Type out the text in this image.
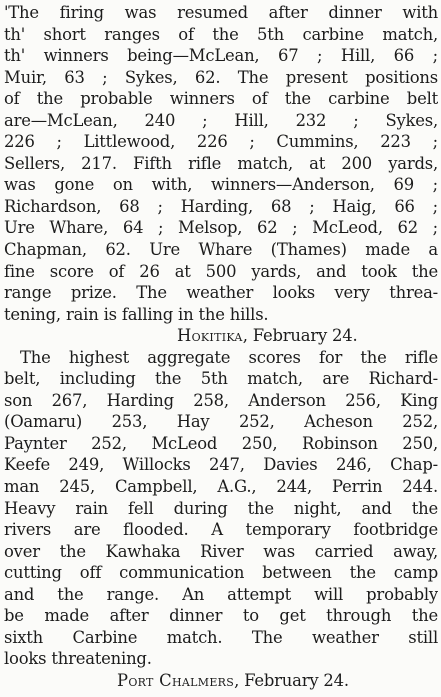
'The firing was resumed after dinner with
th' short ranges of the 5th carbine match,
th' winners being—McLean, 67 ; Hill, 66 ;
Muir, 63 ; Sykes, 62. The present positions
of the probable winners of the carbine belt
are—McLean, 240 ; Hill, 232 ; Sykes,
226 ; Littlewood, 226 ; Cummins, 223 ;
Sellers, 217. Fifth rifle match, at 200 yards,
was gone on with, winners—Anderson, 69 ;
Richardson, 68 ; Harding, 68 ; Haig, 66 ;
Ure Whare, 64 ; Melsop, 62 ; McLeod, 62 ;
Chapman, 62. Ure Whare (Thames) made a
fine score of 26 at 500 yards, and took the
range prize. The weather looks very threa-
tening, rain is falling in the hills.
Hokitika, February 24.
The highest aggregate scores for the rifle
belt, including the 5th match, are Richard-
son 267, Harding 258, Anderson 256, King
(Oamaru) 253, Hay 252, Acheson 252,
Paynter 252, McLeod 250, Robinson 250,
Keefe 249, Willocks 247, Davies 246, Chap-
man 245, Campbell, A.G., 244, Perrin 244.
Heavy rain fell during the night, and the
rivers are flooded. A temporary footbridge
over the Kawhaka River was carried away,
cutting off communication between the camp
and the range. An attempt will probably
be made after dinner to get through the
sixth Carbine match. The weather still
looks threatening.
Port Chalmers, February 24.
